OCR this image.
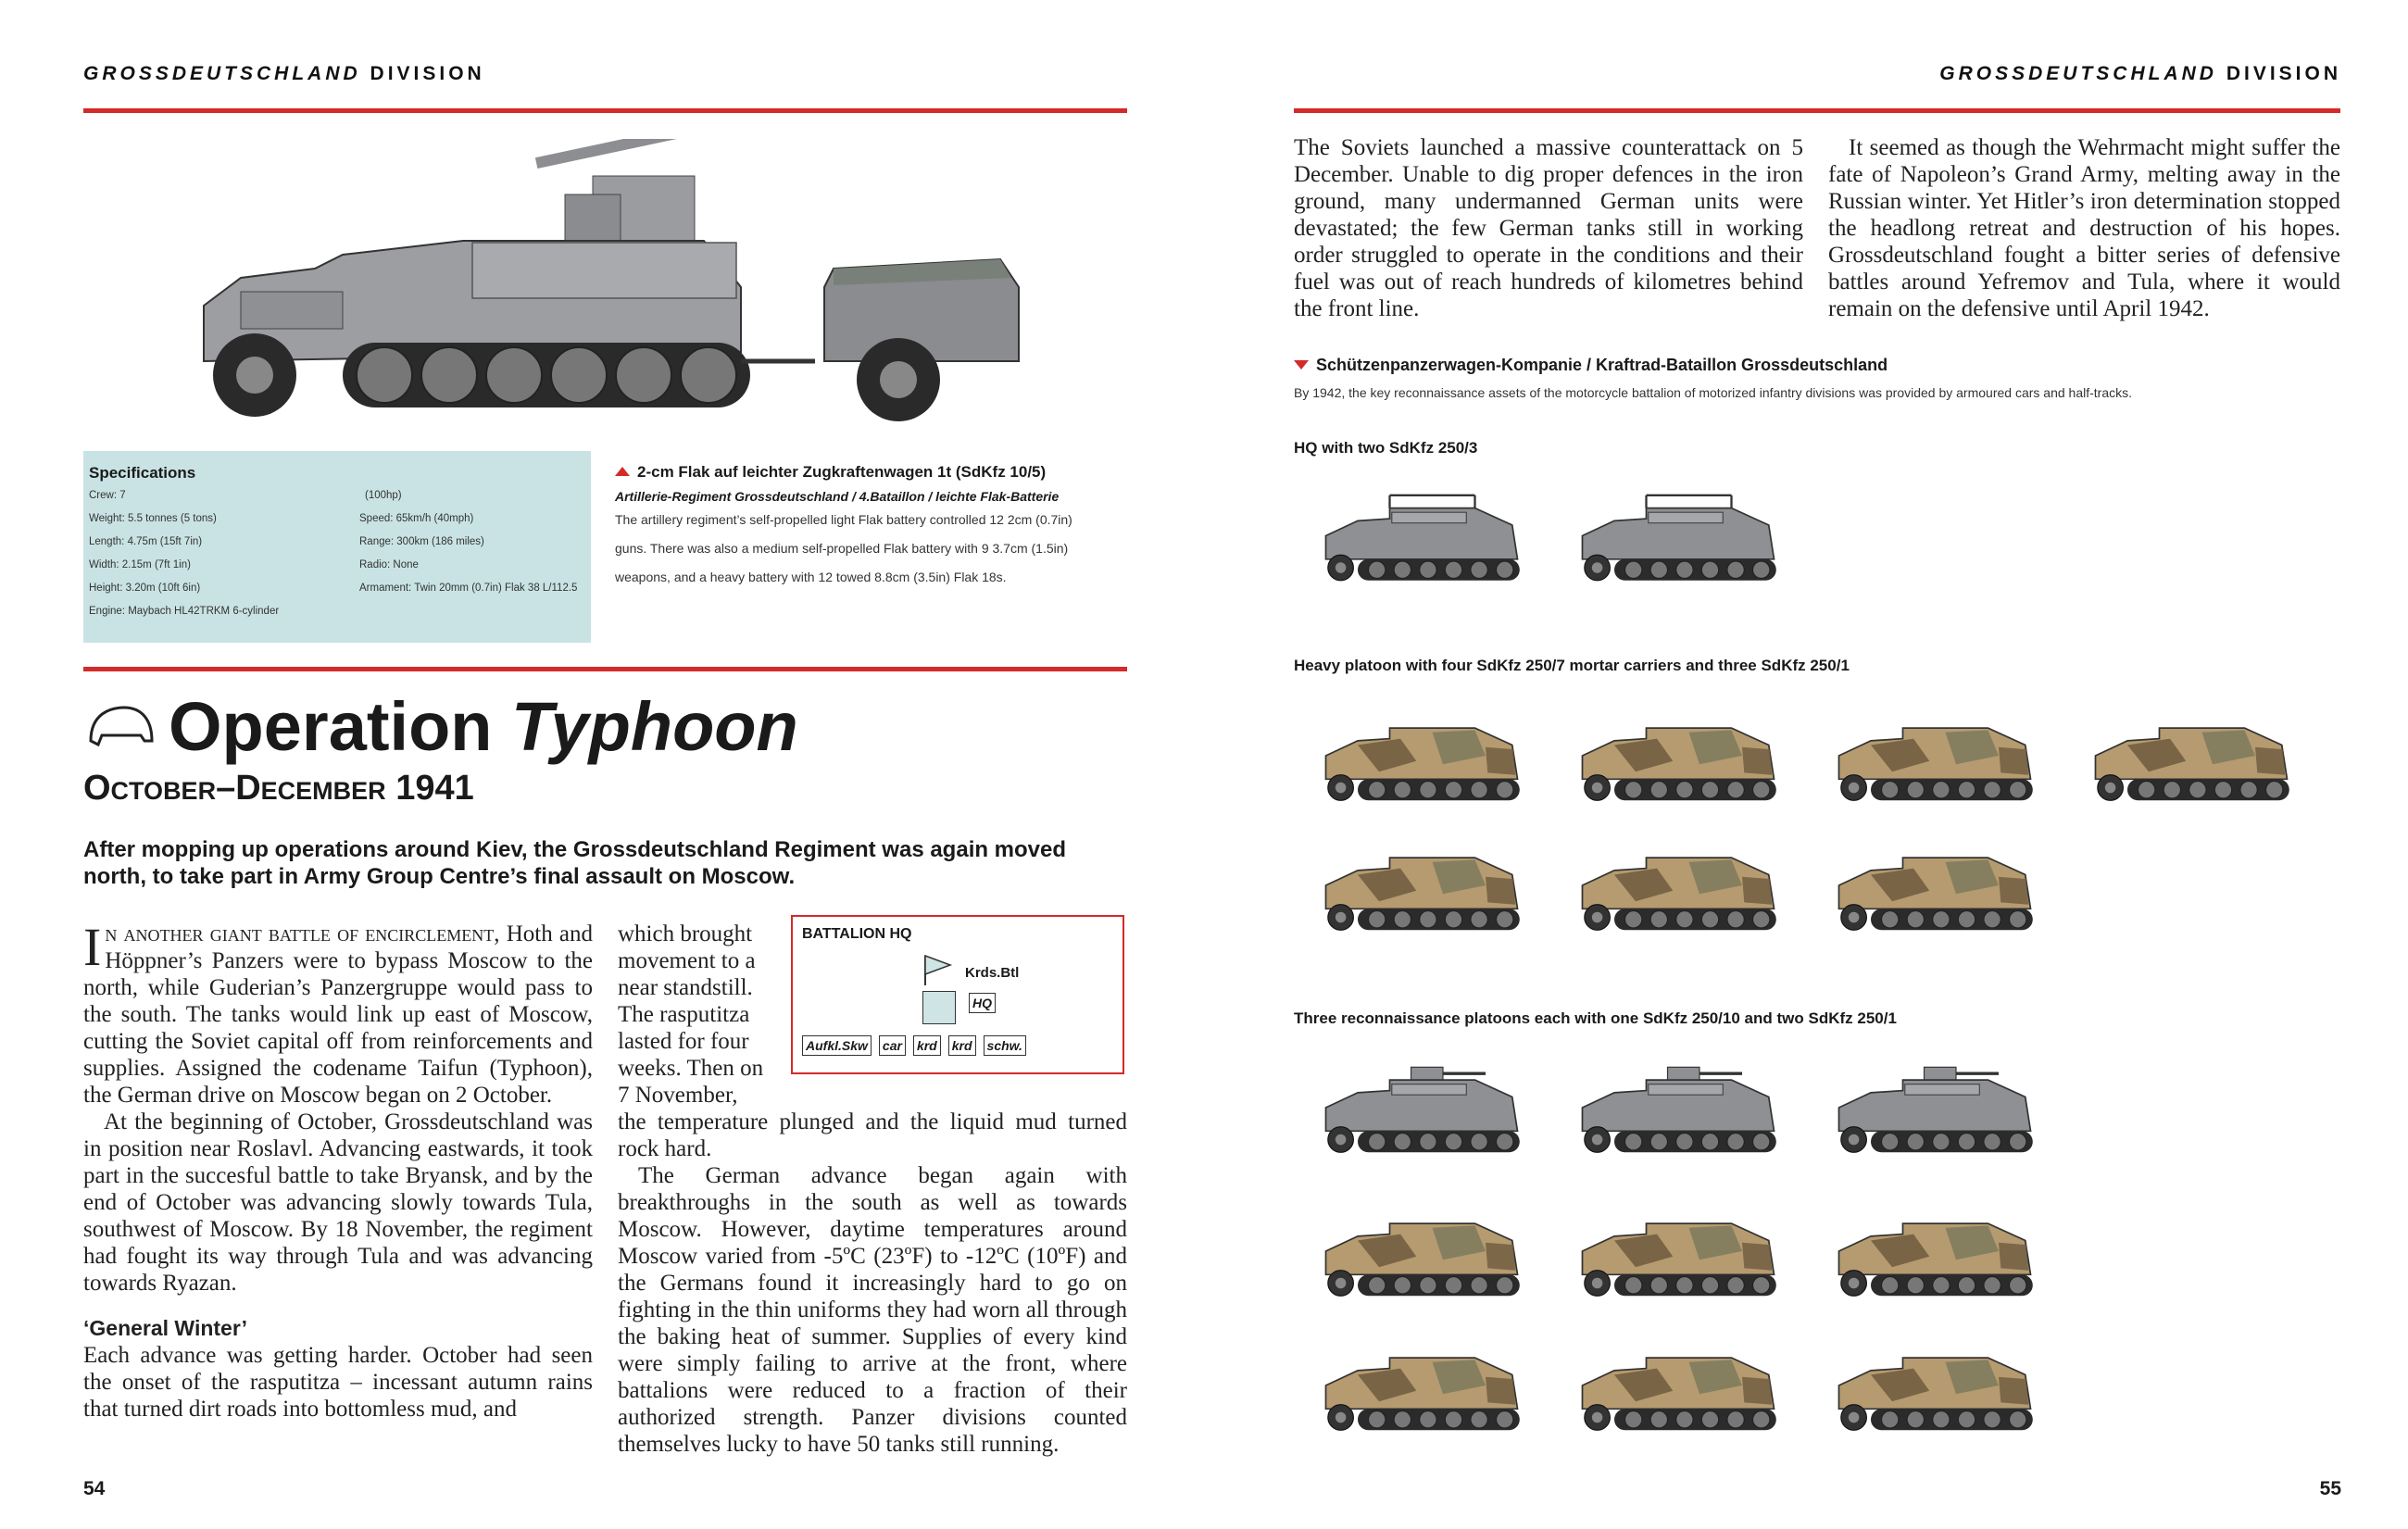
GROSSDEUTSCHLAND DIVISION	GROSSDEUTSCHLAND DIVISION
Specifications
Crew: 7
Weight: 5.5 tonnes (5 tons)
Length: 4.75m (15ft 7in)
Width: 2.15m (7ft 1in)
Height: 3.20m (10ft 6in)
Engine: Maybach HL42TRKM 6-cylinder
(100hp)
Speed: 65km/h (40mph)
Range: 300km (186 miles)
Radio: None
Armament: Twin 20mm (0.7in) Flak 38 L/112.5
2-cm Flak auf leichter Zugkraftenwagen 1t (SdKfz 10/5)
Artillerie-Regiment Grossdeutschland / 4.Bataillon / leichte Flak-Batterie
The artillery regiment’s self-propelled light Flak battery controlled 12 2cm (0.7in)
guns. There was also a medium self-propelled Flak battery with 9 3.7cm (1.5in)
weapons, and a heavy battery with 12 towed 8.8cm (3.5in) Flak 18s.
Operation Typhoon
October–December 1941
After mopping up operations around Kiev, the Grossdeutschland Regiment was again moved north, to take part in Army Group Centre’s final assault on Moscow.
In another giant battle of encirclement, Hoth and Höppner’s Panzers were to bypass Moscow to the north, while Guderian’s Panzergruppe would pass to the south. The tanks would link up east of Moscow, cutting the Soviet capital off from reinforcements and supplies. Assigned the codename Taifun (Typhoon), the German drive on Moscow began on 2 October.
At the beginning of October, Grossdeutschland was in position near Roslavl. Advancing eastwards, it took part in the succesful battle to take Bryansk, and by the end of October was advancing slowly towards Tula, southwest of Moscow. By 18 November, the regiment had fought its way through Tula and was advancing towards Ryazan.
‘General Winter’
Each advance was getting harder. October had seen the onset of the rasputitza – incessant autumn rains that turned dirt roads into bottomless mud, and
which brought
movement to a
near standstill.
The rasputitza
lasted for four
weeks. Then on
7 November,
the temperature plunged and the liquid mud turned rock hard.
The German advance began again with breakthroughs in the south as well as towards Moscow. However, daytime temperatures around Moscow varied from -5ºC (23ºF) to -12ºC (10ºF) and the Germans found it increasingly hard to go on fighting in the thin uniforms they had worn all through the baking heat of summer. Supplies of every kind were simply failing to arrive at the front, where battalions were reduced to a fraction of their authorized strength. Panzer divisions counted themselves lucky to have 50 tanks still running.
BATTALION HQ
Krds.Btl
HQ
Aufkl.Skw car krd krd schw.
54
The Soviets launched a massive counterattack on 5 December. Unable to dig proper defences in the iron ground, many undermanned German units were devastated; the few German tanks still in working order struggled to operate in the conditions and their fuel was out of reach hundreds of kilometres behind the front line.
It seemed as though the Wehrmacht might suffer the fate of Napoleon’s Grand Army, melting away in the Russian winter. Yet Hitler’s iron determination stopped the headlong retreat and destruction of his hopes. Grossdeutschland fought a bitter series of defensive battles around Yefremov and Tula, where it would remain on the defensive until April 1942.
Schützenpanzerwagen-Kompanie / Kraftrad-Bataillon Grossdeutschland
By 1942, the key reconnaissance assets of the motorcycle battalion of motorized infantry divisions was provided by armoured cars and half-tracks.
HQ with two SdKfz 250/3
Heavy platoon with four SdKfz 250/7 mortar carriers and three SdKfz 250/1
Three reconnaissance platoons each with one SdKfz 250/10 and two SdKfz 250/1
55
